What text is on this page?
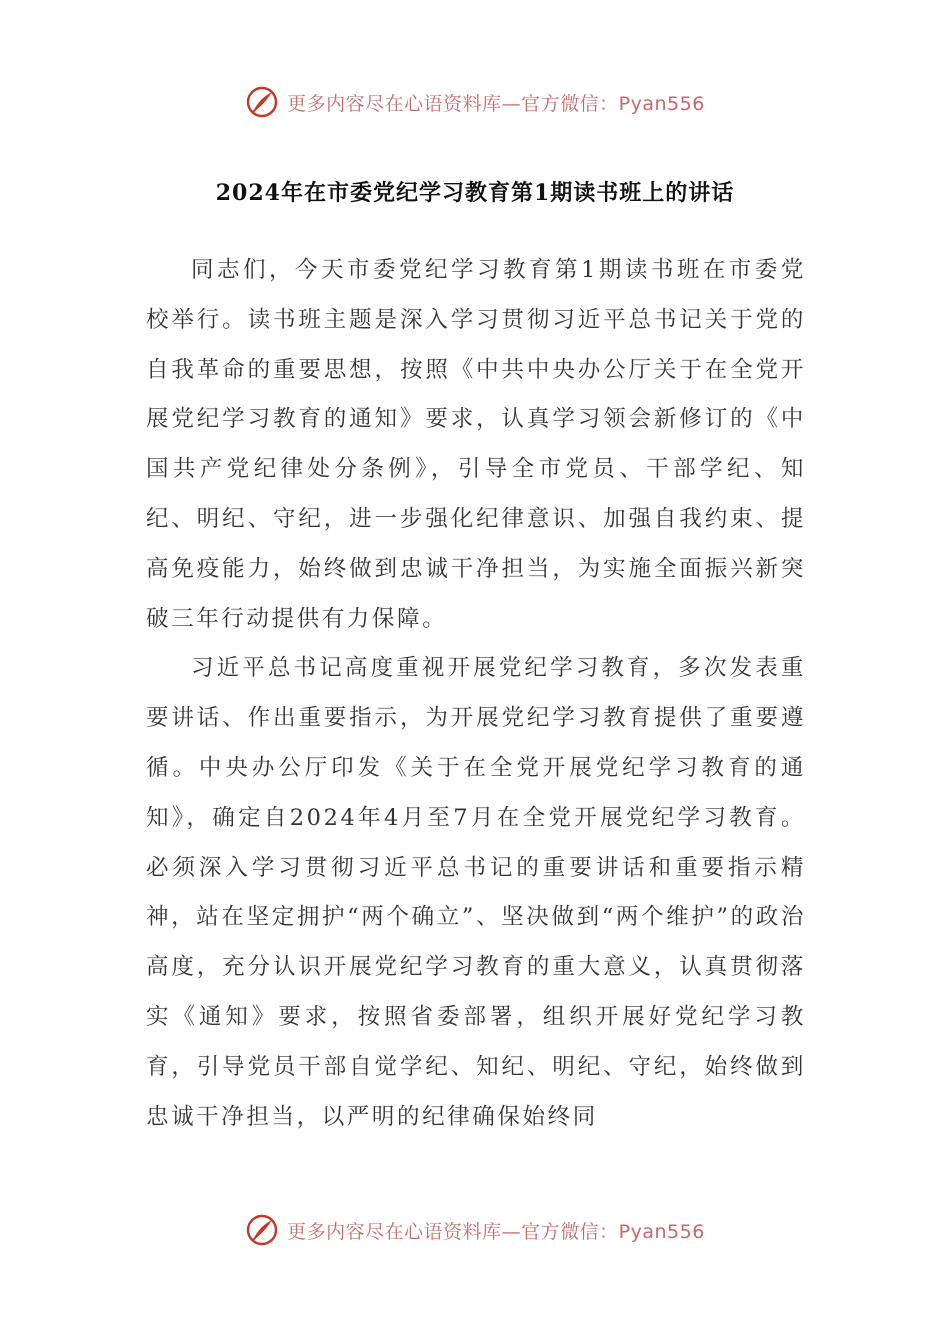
更多内容尽在心语资料库—官方微信：Pyan556
2024年在市委党纪学习教育第1期读书班上的讲话

同志们，今天市委党纪学习教育第1期读书班在市委党校举行。读书班主题是深入学习贯彻习近平总书记关于党的自我革命的重要思想，按照《中共中央办公厅关于在全党开展党纪学习教育的通知》要求，认真学习领会新修订的《中国共产党纪律处分条例》，引导全市党员、干部学纪、知纪、明纪、守纪，进一步强化纪律意识、加强自我约束、提高免疫能力，始终做到忠诚干净担当，为实施全面振兴新突破三年行动提供有力保障。

习近平总书记高度重视开展党纪学习教育，多次发表重要讲话、作出重要指示，为开展党纪学习教育提供了重要遵循。中央办公厅印发《关于在全党开展党纪学习教育的通知》，确定自2024年4月至7月在全党开展党纪学习教育。必须深入学习贯彻习近平总书记的重要讲话和重要指示精神，站在坚定拥护“两个确立”、坚决做到“两个维护”的政治高度，充分认识开展党纪学习教育的重大意义，认真贯彻落实《通知》要求，按照省委部署，组织开展好党纪学习教育，引导党员干部自觉学纪、知纪、明纪、守纪，始终做到忠诚干净担当，以严明的纪律确保始终同

更多内容尽在心语资料库—官方微信：Pyan556
